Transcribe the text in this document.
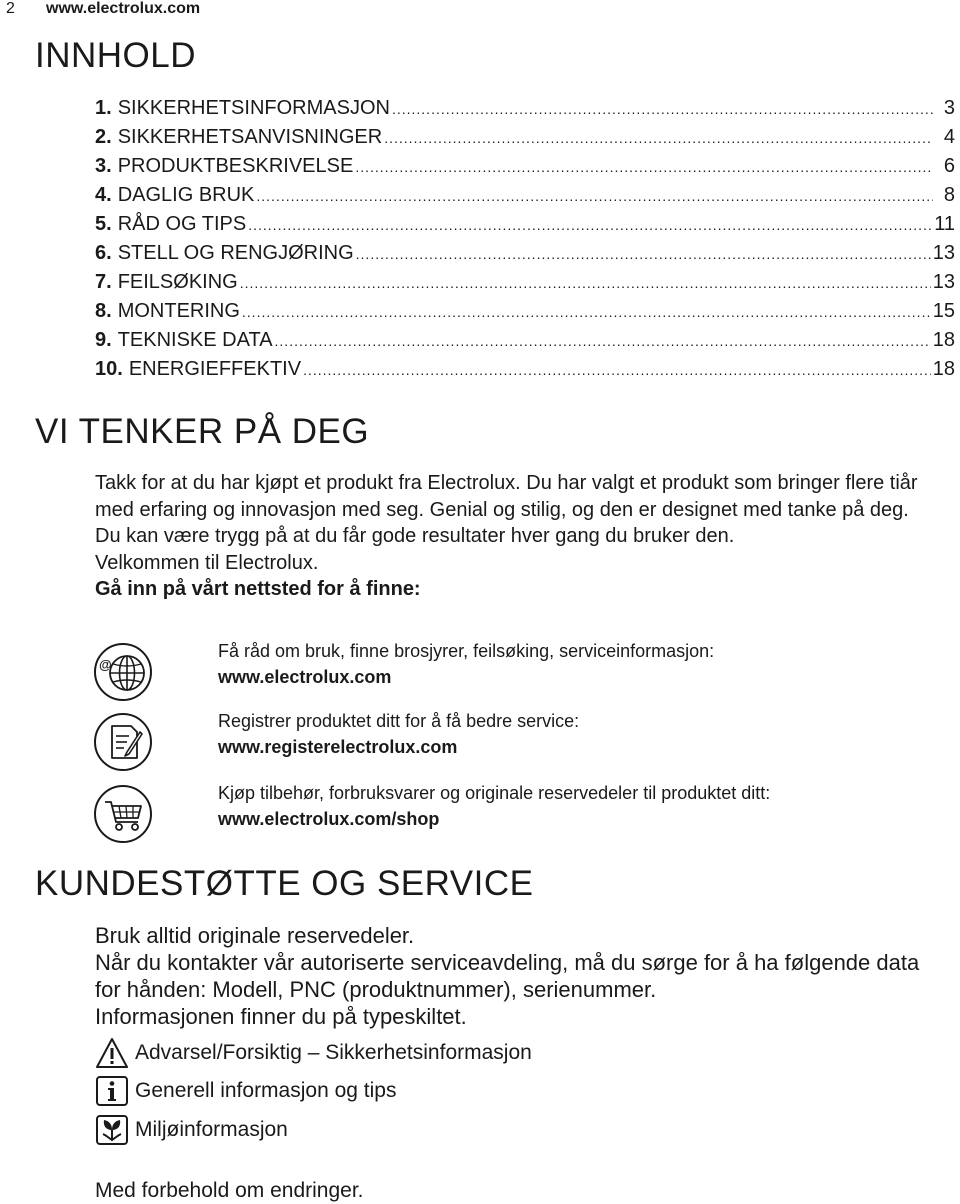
2 www.electrolux.com
INNHOLD
1. SIKKERHETSINFORMASJON .....	3
2. SIKKERHETSANVISNINGER .....	4
3. PRODUKTBESKRIVELSE .....	6
4. DAGLIG BRUK .....	8
5. RÅD OG TIPS .....	11
6. STELL OG RENGJØRING .....	13
7. FEILSØKING .....	13
8. MONTERING .....	15
9. TEKNISKE DATA .....	18
10. ENERGIEFFEKTIV .....	18
VI TENKER PÅ DEG

Takk for at du har kjøpt et produkt fra Electrolux. Du har valgt et produkt som bringer flere tiår med erfaring og innovasjon med seg. Genial og stilig, og den er designet med tanke på deg. Du kan være trygg på at du får gode resultater hver gang du bruker den.

Velkommen til Electrolux.

Gå inn på vårt nettsted for å finne:

@
Få råd om bruk, finne brosjyrer, feilsøking, serviceinformasjon:
www.electrolux.com
Registrer produktet ditt for å få bedre service:
www.registerelectrolux.com
Kjøp tilbehør, forbruksvarer og originale reservedeler til produktet ditt:
www.electrolux.com/shop
KUNDESTØTTE OG SERVICE

Bruk alltid originale reservedeler.

Når du kontakter vår autoriserte serviceavdeling, må du sørge for å ha følgende data for hånden: Modell, PNC (produktnummer), serienummer.

Informasjonen finner du på typeskiltet.

Advarsel/Forsiktig – Sikkerhetsinformasjon
Generell informasjon og tips
Miljøinformasjon
Med forbehold om endringer.
